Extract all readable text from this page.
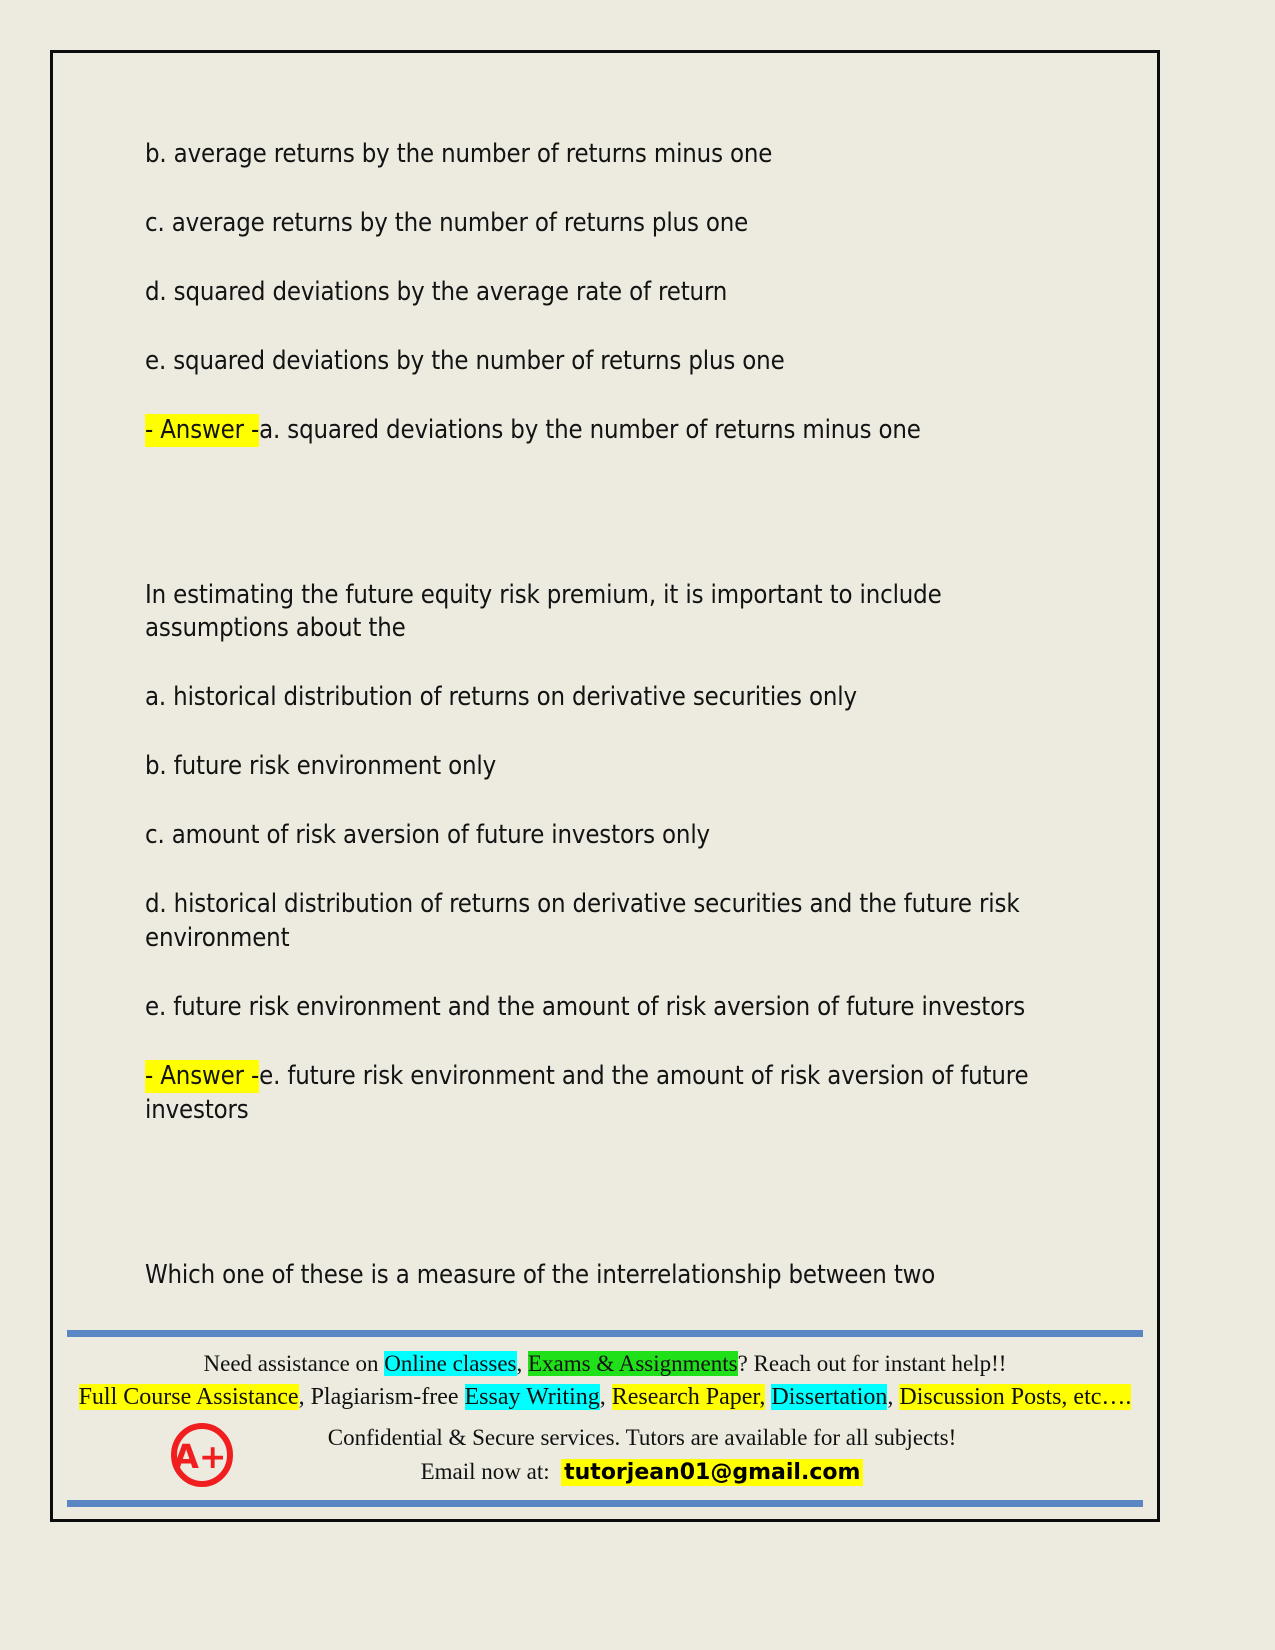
b. average returns by the number of returns minus one

c. average returns by the number of returns plus one

d. squared deviations by the average rate of return

e. squared deviations by the number of returns plus one

- Answer -a. squared deviations by the number of returns minus one

In estimating the future equity risk premium, it is important to include assumptions about the

a. historical distribution of returns on derivative securities only

b. future risk environment only

c. amount of risk aversion of future investors only

d. historical distribution of returns on derivative securities and the future risk environment

e. future risk environment and the amount of risk aversion of future investors

- Answer -e. future risk environment and the amount of risk aversion of future investors

Which one of these is a measure of the interrelationship between two

Need assistance on Online classes, Exams & Assignments? Reach out for instant help!!

Full Course Assistance, Plagiarism-free Essay Writing, Research Paper, Dissertation, Discussion Posts, etc….

A+	Confidential & Secure services. Tutors are available for all subjects!

Email now at: tutorjean01@gmail.com
